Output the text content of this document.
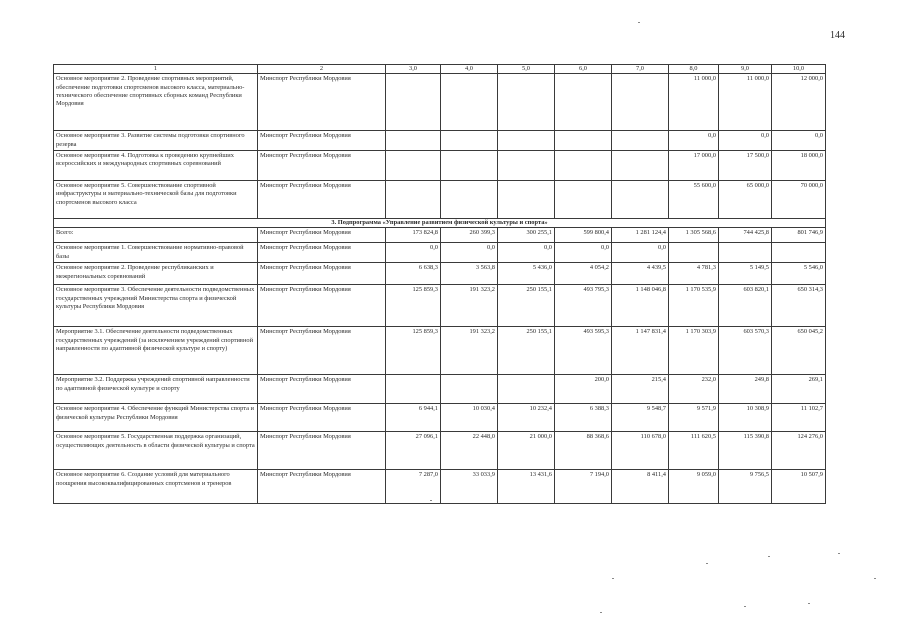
144
1	2	3,0	4,0	5,0	6,0	7,0	8,0	9,0	10,0
Основное мероприятие 2. Проведение спортивных мероприятий, обеспечение подготовки спортсменов высокого класса, материально-технического обеспечение спортивных сборных команд Республики Мордовия	Минспорт Республики Мордовия						11 000,0	11 000,0	12 000,0
Основное мероприятие 3. Развитие системы подготовки спортивного резерва	Минспорт Республики Мордовия						0,0	0,0	0,0
Основное мероприятие 4. Подготовка к проведению крупнейших всероссийских и международных спортивных соревнований	Минспорт Республики Мордовия						17 000,0	17 500,0	18 000,0
Основное мероприятие 5. Совершенствование спортивной инфраструктуры и материально-технической базы для подготовки спортсменов высокого класса	Минспорт Республики Мордовия						55 600,0	65 000,0	70 000,0
3. Подпрограмма «Управление развитием физической культуры и спорта»									
Всего:	Минспорт Республики Мордовия	173 824,8	260 399,3	300 255,1	599 800,4	1 281 124,4	1 305 568,6	744 425,8	801 746,9
Основное мероприятие 1. Совершенствование нормативно-правовой базы	Минспорт Республики Мордовия	0,0	0,0	0,0	0,0	0,0			
Основное мероприятие 2. Проведение республиканских и межрегиональных соревнований	Минспорт Республики Мордовия	6 638,3	3 563,8	5 436,0	4 054,2	4 439,5	4 781,3	5 149,5	5 546,0
Основное мероприятие 3. Обеспечение деятельности подведомственных государственных учреждений Министерства спорта и физической культуры Республики Мордовия	Минспорт Республики Мордовия	125 859,3	191 323,2	250 155,1	493 795,3	1 148 046,8	1 170 535,9	603 820,1	650 314,3
Мероприятие 3.1. Обеспечение деятельности подведомственных государственных учреждений (за исключением учреждений спортивной направленности по адаптивной физической культуре и спорту)	Минспорт Республики Мордовия	125 859,3	191 323,2	250 155,1	493 595,3	1 147 831,4	1 170 303,9	603 570,3	650 045,2
Мероприятие 3.2. Поддержка учреждений спортивной направленности по адаптивной физической культуре и спорту	Минспорт Республики Мордовия				200,0	215,4	232,0	249,8	269,1
Основное мероприятие 4. Обеспечение функций Министерства спорта и физической культуры Республики Мордовия	Минспорт Республики Мордовия	6 944,1	10 030,4	10 232,4	6 388,3	9 548,7	9 571,9	10 308,9	11 102,7
Основное мероприятие 5. Государственная поддержка организаций, осуществляющих деятельность в области физической культуры и спорта	Минспорт Республики Мордовия	27 096,1	22 448,0	21 000,0	88 368,6	110 678,0	111 620,5	115 390,8	124 276,0
Основное мероприятие 6. Создание условий для материального поощрения высококвалифицированных спортсменов и тренеров	Минспорт Республики Мордовия	7 287,0	33 033,9	13 431,6	7 194,0	8 411,4	9 059,0	9 756,5	10 507,9
